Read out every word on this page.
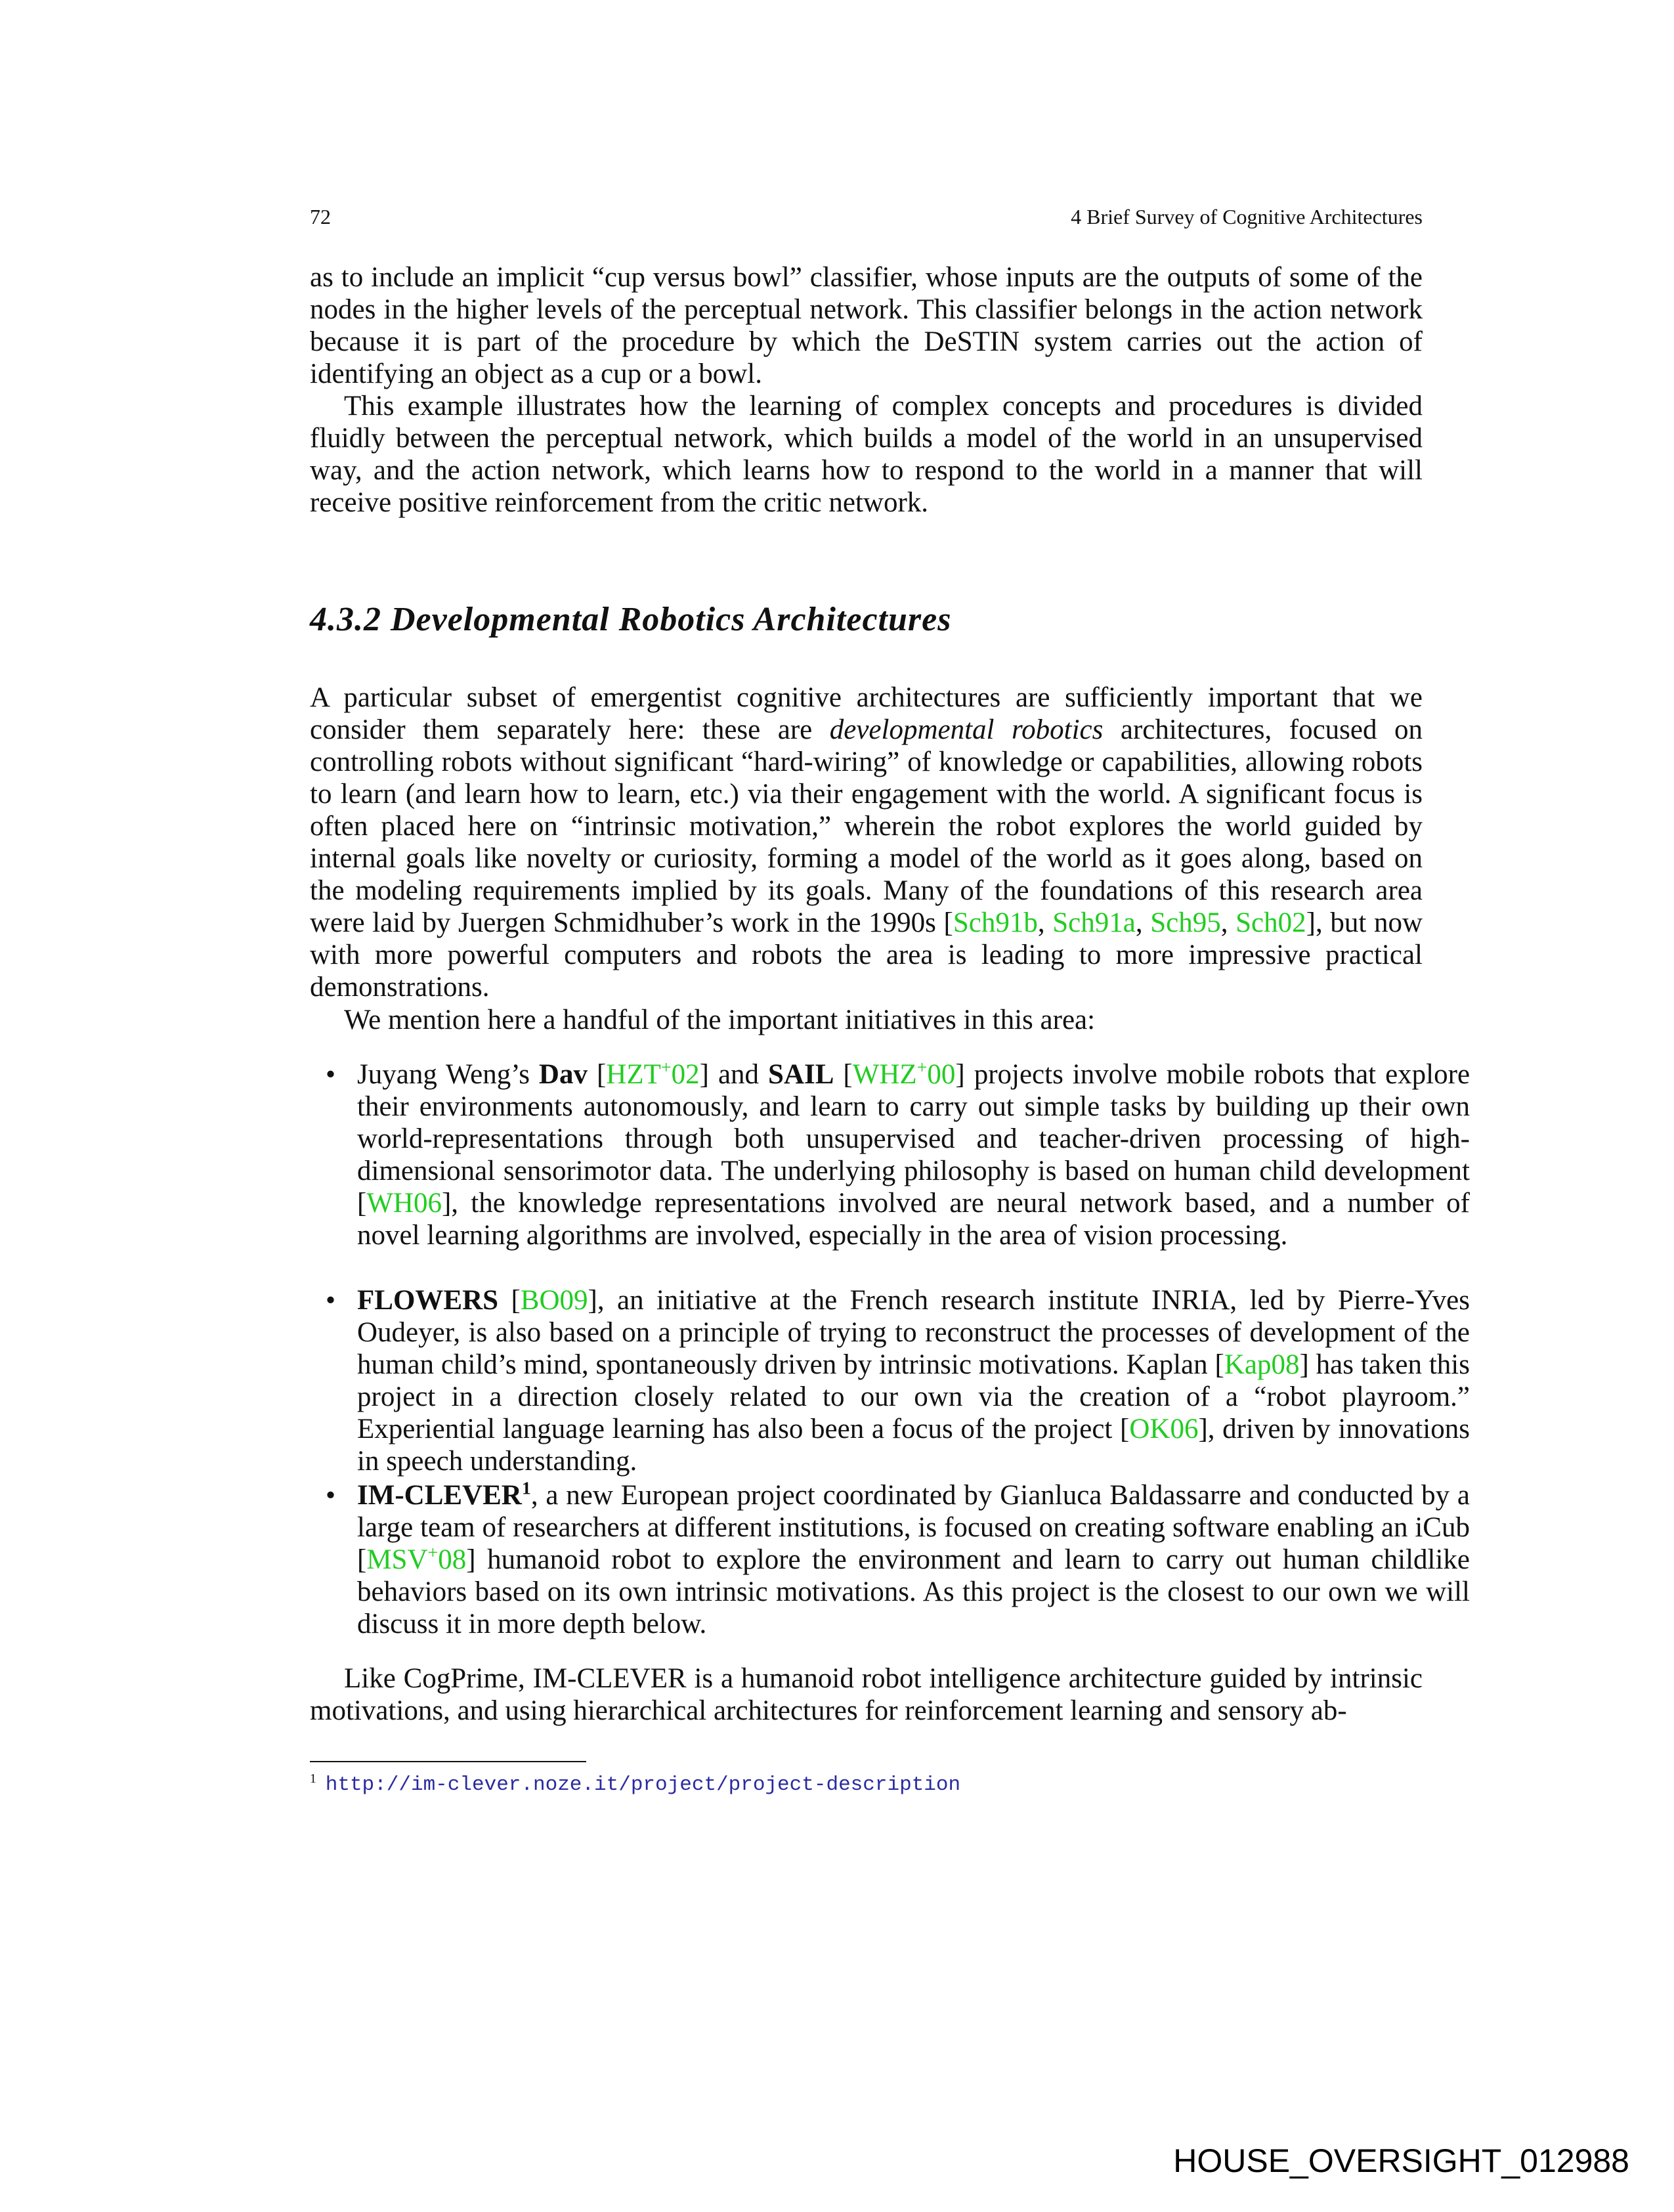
72	4 Brief Survey of Cognitive Architectures
as to include an implicit “cup versus bowl” classifier, whose inputs are the outputs of some of the nodes in the higher levels of the perceptual network. This classifier belongs in the action network because it is part of the procedure by which the DeSTIN system carries out the action of identifying an object as a cup or a bowl.
This example illustrates how the learning of complex concepts and procedures is divided fluidly between the perceptual network, which builds a model of the world in an unsupervised way, and the action network, which learns how to respond to the world in a manner that will receive positive reinforcement from the critic network.
4.3.2 Developmental Robotics Architectures
A particular subset of emergentist cognitive architectures are sufficiently important that we consider them separately here: these are developmental robotics architectures, focused on controlling robots without significant “hard-wiring” of knowledge or capabilities, allowing robots to learn (and learn how to learn, etc.) via their engagement with the world. A significant focus is often placed here on “intrinsic motivation,” wherein the robot explores the world guided by internal goals like novelty or curiosity, forming a model of the world as it goes along, based on the modeling requirements implied by its goals. Many of the foundations of this research area were laid by Juergen Schmidhuber’s work in the 1990s [Sch91b, Sch91a, Sch95, Sch02], but now with more powerful computers and robots the area is leading to more impressive practical demonstrations.
We mention here a handful of the important initiatives in this area:
• Juyang Weng’s Dav [HZT+02] and SAIL [WHZ+00] projects involve mobile robots that explore their environments autonomously, and learn to carry out simple tasks by building up their own world-representations through both unsupervised and teacher-driven processing of high-dimensional sensorimotor data. The underlying philosophy is based on human child development [WH06], the knowledge representations involved are neural network based, and a number of novel learning algorithms are involved, especially in the area of vision processing.
• FLOWERS [BO09], an initiative at the French research institute INRIA, led by Pierre-Yves Oudeyer, is also based on a principle of trying to reconstruct the processes of development of the human child’s mind, spontaneously driven by intrinsic motivations. Kaplan [Kap08] has taken this project in a direction closely related to our own via the creation of a “robot playroom.” Experiential language learning has also been a focus of the project [OK06], driven by innovations in speech understanding.
• IM-CLEVER$^1$, a new European project coordinated by Gianluca Baldassarre and conducted by a large team of researchers at different institutions, is focused on creating software enabling an iCub [MSV+08] humanoid robot to explore the environment and learn to carry out human childlike behaviors based on its own intrinsic motivations. As this project is the closest to our own we will discuss it in more depth below.
Like CogPrime, IM-CLEVER is a humanoid robot intelligence architecture guided by intrinsic motivations, and using hierarchical architectures for reinforcement learning and sensory ab-
$^1$ http://im-clever.noze.it/project/project-description
HOUSE_OVERSIGHT_012988
